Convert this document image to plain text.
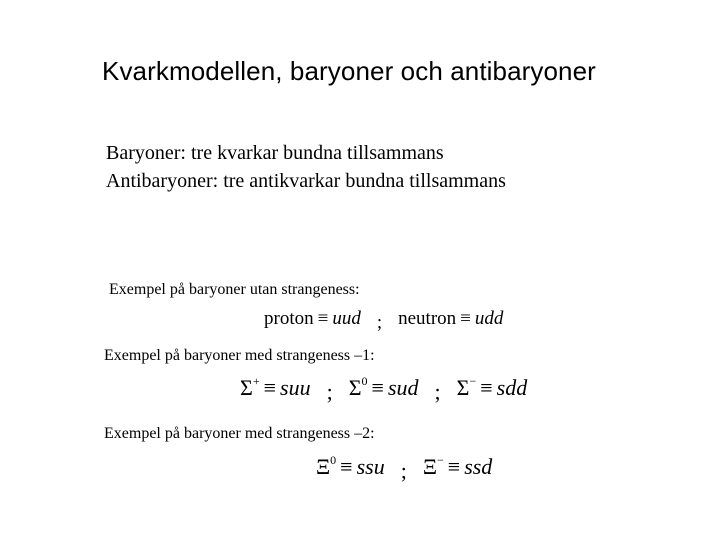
Kvarkmodellen, baryoner och antibaryoner
Baryoner: tre kvarkar bundna tillsammans
Antibaryoner: tre antikvarkar bundna tillsammans
Exempel på baryoner utan strangeness:
proton ≡ uud ; neutron ≡ udd
Exempel på baryoner med strangeness –1:
Σ+ ≡ suu ; $\Sigma^0$ ≡ sud ; Σ− ≡ sdd
Exempel på baryoner med strangeness –2:
$\Xi^0$ ≡ ssu ; Ξ− ≡ ssd
